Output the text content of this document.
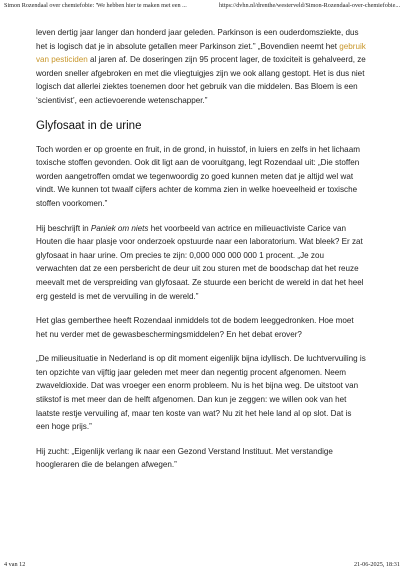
Simon Rozendaal over chemiefobie: 'We hebben hier te maken met een ...	https://dvhn.nl/drenthe/westerveld/Simon-Rozendaal-over-chemiefobie...

leven dertig jaar langer dan honderd jaar geleden. Parkinson is een ouderdomsziekte, dus het is logisch dat je in absolute getallen meer Parkinson ziet.” „Bovendien neemt het gebruik van pesticiden al jaren af. De doseringen zijn 95 procent lager, de toxiciteit is gehalveerd, ze worden sneller afgebroken en met die vliegtuigjes zijn we ook allang gestopt. Het is dus niet logisch dat allerlei ziektes toenemen door het gebruik van die middelen. Bas Bloem is een ‘scientivist’, een actievoerende wetenschapper.”

Glyfosaat in de urine

Toch worden er op groente en fruit, in de grond, in huisstof, in luiers en zelfs in het lichaam toxische stoffen gevonden. Ook dit ligt aan de vooruitgang, legt Rozendaal uit: „Die stoffen worden aangetroffen omdat we tegenwoordig zo goed kunnen meten dat je altijd wel wat vindt. We kunnen tot twaalf cijfers achter de komma zien in welke hoeveelheid er toxische stoffen voorkomen.”

Hij beschrijft in Paniek om niets het voorbeeld van actrice en milieuactiviste Carice van Houten die haar plasje voor onderzoek opstuurde naar een laboratorium. Wat bleek? Er zat glyfosaat in haar urine. Om precies te zijn: 0,000 000 000 000 1 procent. „Je zou verwachten dat ze een persbericht de deur uit zou sturen met de boodschap dat het reuze meevalt met de verspreiding van glyfosaat. Ze stuurde een bericht de wereld in dat het heel erg gesteld is met de vervuiling in de wereld.”

Het glas gemberthee heeft Rozendaal inmiddels tot de bodem leeggedronken. Hoe moet het nu verder met de gewasbeschermingsmiddelen? En het debat erover?

„De milieusituatie in Nederland is op dit moment eigenlijk bijna idyllisch. De luchtvervuiling is ten opzichte van vijftig jaar geleden met meer dan negentig procent afgenomen. Neem zwaveldioxide. Dat was vroeger een enorm probleem. Nu is het bijna weg. De uitstoot van stikstof is met meer dan de helft afgenomen. Dan kun je zeggen: we willen ook van het laatste restje vervuiling af, maar ten koste van wat? Nu zit het hele land al op slot. Dat is een hoge prijs.”

Hij zucht: „Eigenlijk verlang ik naar een Gezond Verstand Instituut. Met verstandige hoogleraren die de belangen afwegen.”

4 van 12	21-06-2025, 18:31
